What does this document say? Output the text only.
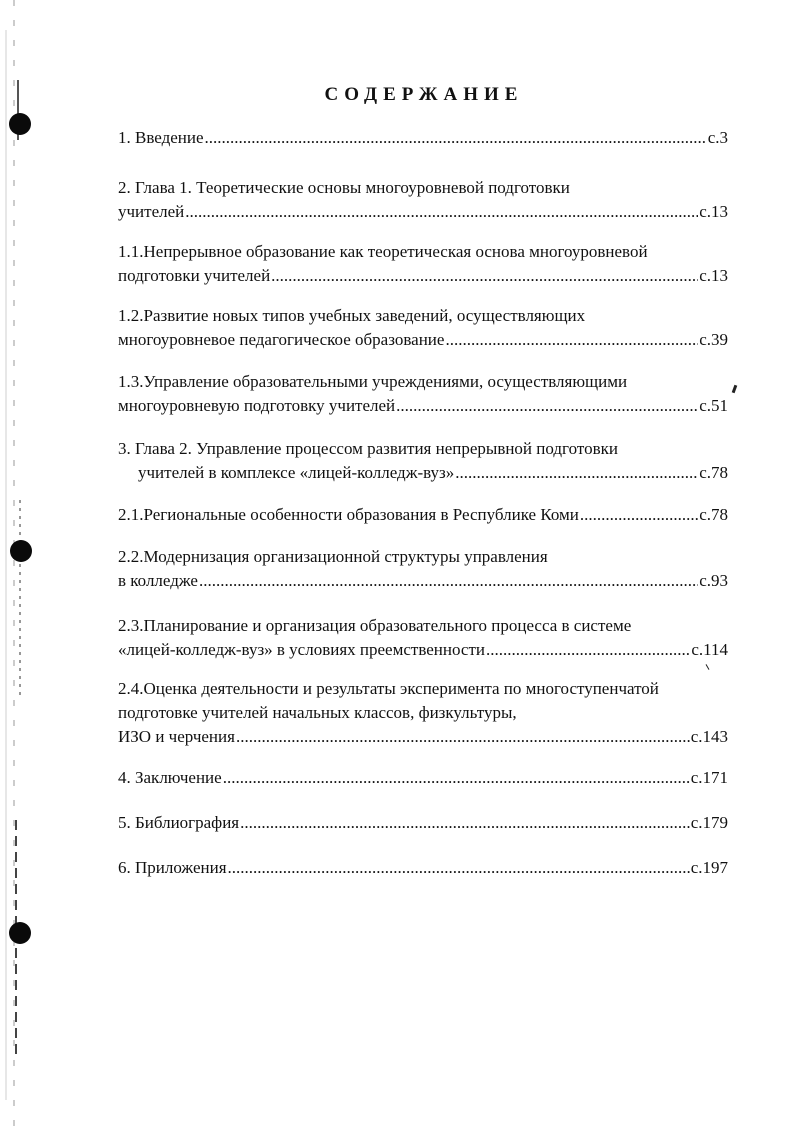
СОДЕРЖАНИЕ
1. Введение .....	с.3
2. Глава 1. Теоретические основы многоуровневой подготовки
учителей .....	с.13
1.1.Непрерывное образование как теоретическая основа многоуровневой
подготовки учителей .....	с.13
1.2.Развитие новых типов учебных заведений, осуществляющих
многоуровневое педагогическое образование .....	с.39
1.3.Управление образовательными учреждениями, осуществляющими
многоуровневую подготовку учителей .....	с.51
3. Глава 2. Управление процессом развития непрерывной подготовки
учителей в комплексе «лицей-колледж-вуз» .....	с.78
2.1.Региональные особенности образования в Республике Коми .....	с.78
2.2.Модернизация организационной структуры управления
в колледже .....	с.93
2.3.Планирование и организация образовательного процесса в системе
«лицей-колледж-вуз» в условиях преемственности .....	с.114
2.4.Оценка деятельности и результаты эксперимента по многоступенчатой
подготовке учителей начальных классов, физкультуры,
ИЗО и черчения .....	с.143
4. Заключение .....	с.171
5. Библиография .....	с.179
6. Приложения .....	с.197
